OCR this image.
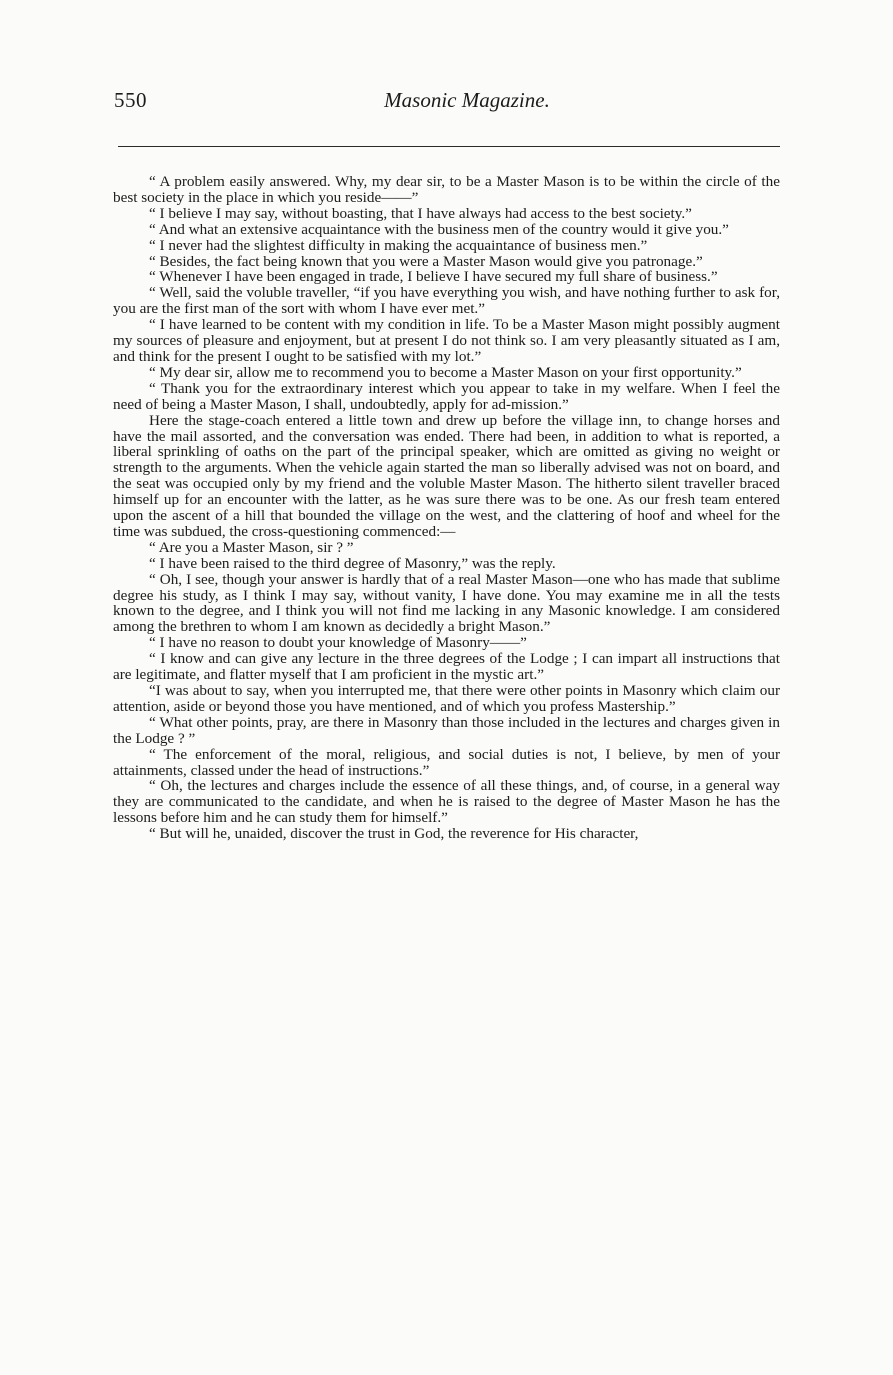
550	Masonic Magazine.

“ A problem easily answered. Why, my dear sir, to be a Master Mason is to be within the circle of the best society in the place in which you reside——”

“ I believe I may say, without boasting, that I have always had access to the best society.”

“ And what an extensive acquaintance with the business men of the country would it give you.”

“ I never had the slightest difficulty in making the acquaintance of business men.”

“ Besides, the fact being known that you were a Master Mason would give you patronage.”

“ Whenever I have been engaged in trade, I believe I have secured my full share of business.”

“ Well, said the voluble traveller, “if you have everything you wish, and have nothing further to ask for, you are the first man of the sort with whom I have ever met.”

“ I have learned to be content with my condition in life. To be a Master Mason might possibly augment my sources of pleasure and enjoyment, but at present I do not think so. I am very pleasantly situated as I am, and think for the present I ought to be satisfied with my lot.”

“ My dear sir, allow me to recommend you to become a Master Mason on your first opportunity.”

“ Thank you for the extraordinary interest which you appear to take in my welfare. When I feel the need of being a Master Mason, I shall, undoubtedly, apply for ad-mission.”

Here the stage-coach entered a little town and drew up before the village inn, to change horses and have the mail assorted, and the conversation was ended. There had been, in addition to what is reported, a liberal sprinkling of oaths on the part of the principal speaker, which are omitted as giving no weight or strength to the arguments. When the vehicle again started the man so liberally advised was not on board, and the seat was occupied only by my friend and the voluble Master Mason. The hitherto silent traveller braced himself up for an encounter with the latter, as he was sure there was to be one. As our fresh team entered upon the ascent of a hill that bounded the village on the west, and the clattering of hoof and wheel for the time was subdued, the cross-questioning commenced:—

“ Are you a Master Mason, sir ? ”

“ I have been raised to the third degree of Masonry,” was the reply.

“ Oh, I see, though your answer is hardly that of a real Master Mason—one who has made that sublime degree his study, as I think I may say, without vanity, I have done. You may examine me in all the tests known to the degree, and I think you will not find me lacking in any Masonic knowledge. I am considered among the brethren to whom I am known as decidedly a bright Mason.”

“ I have no reason to doubt your knowledge of Masonry——”

“ I know and can give any lecture in the three degrees of the Lodge ; I can impart all instructions that are legitimate, and flatter myself that I am proficient in the mystic art.”

“I was about to say, when you interrupted me, that there were other points in Masonry which claim our attention, aside or beyond those you have mentioned, and of which you profess Mastership.”

“ What other points, pray, are there in Masonry than those included in the lectures and charges given in the Lodge ? ”

“ The enforcement of the moral, religious, and social duties is not, I believe, by men of your attainments, classed under the head of instructions.”

“ Oh, the lectures and charges include the essence of all these things, and, of course, in a general way they are communicated to the candidate, and when he is raised to the degree of Master Mason he has the lessons before him and he can study them for himself.”

“ But will he, unaided, discover the trust in God, the reverence for His character,
